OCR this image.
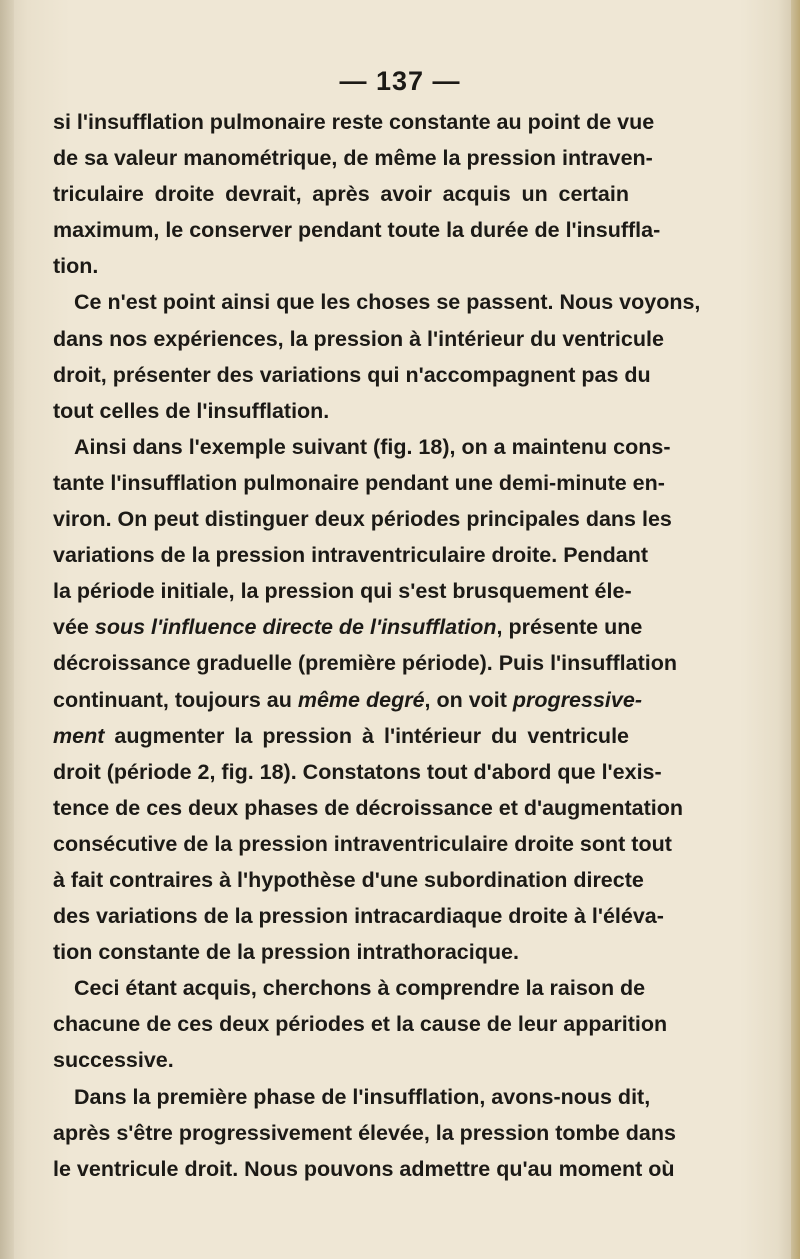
— 137 —
si l'insufflation pulmonaire reste constante au point de vue
de sa valeur manométrique, de même la pression intraven-
triculaire droite devrait, après avoir acquis un certain
maximum, le conserver pendant toute la durée de l'insuffla-
tion.
Ce n'est point ainsi que les choses se passent. Nous voyons,
dans nos expériences, la pression à l'intérieur du ventricule
droit, présenter des variations qui n'accompagnent pas du
tout celles de l'insufflation.
Ainsi dans l'exemple suivant (fig. 18), on a maintenu cons-
tante l'insufflation pulmonaire pendant une demi-minute en-
viron. On peut distinguer deux périodes principales dans les
variations de la pression intraventriculaire droite. Pendant
la période initiale, la pression qui s'est brusquement éle-
vée sous l'influence directe de l'insufflation, présente une
décroissance graduelle (première période). Puis l'insufflation
continuant, toujours au même degré, on voit progressive-
ment augmenter la pression à l'intérieur du ventricule
droit (période 2, fig. 18). Constatons tout d'abord que l'exis-
tence de ces deux phases de décroissance et d'augmentation
consécutive de la pression intraventriculaire droite sont tout
à fait contraires à l'hypothèse d'une subordination directe
des variations de la pression intracardiaque droite à l'éléva-
tion constante de la pression intrathoracique.
Ceci étant acquis, cherchons à comprendre la raison de
chacune de ces deux périodes et la cause de leur apparition
successive.
Dans la première phase de l'insufflation, avons-nous dit,
après s'être progressivement élevée, la pression tombe dans
le ventricule droit. Nous pouvons admettre qu'au moment où
